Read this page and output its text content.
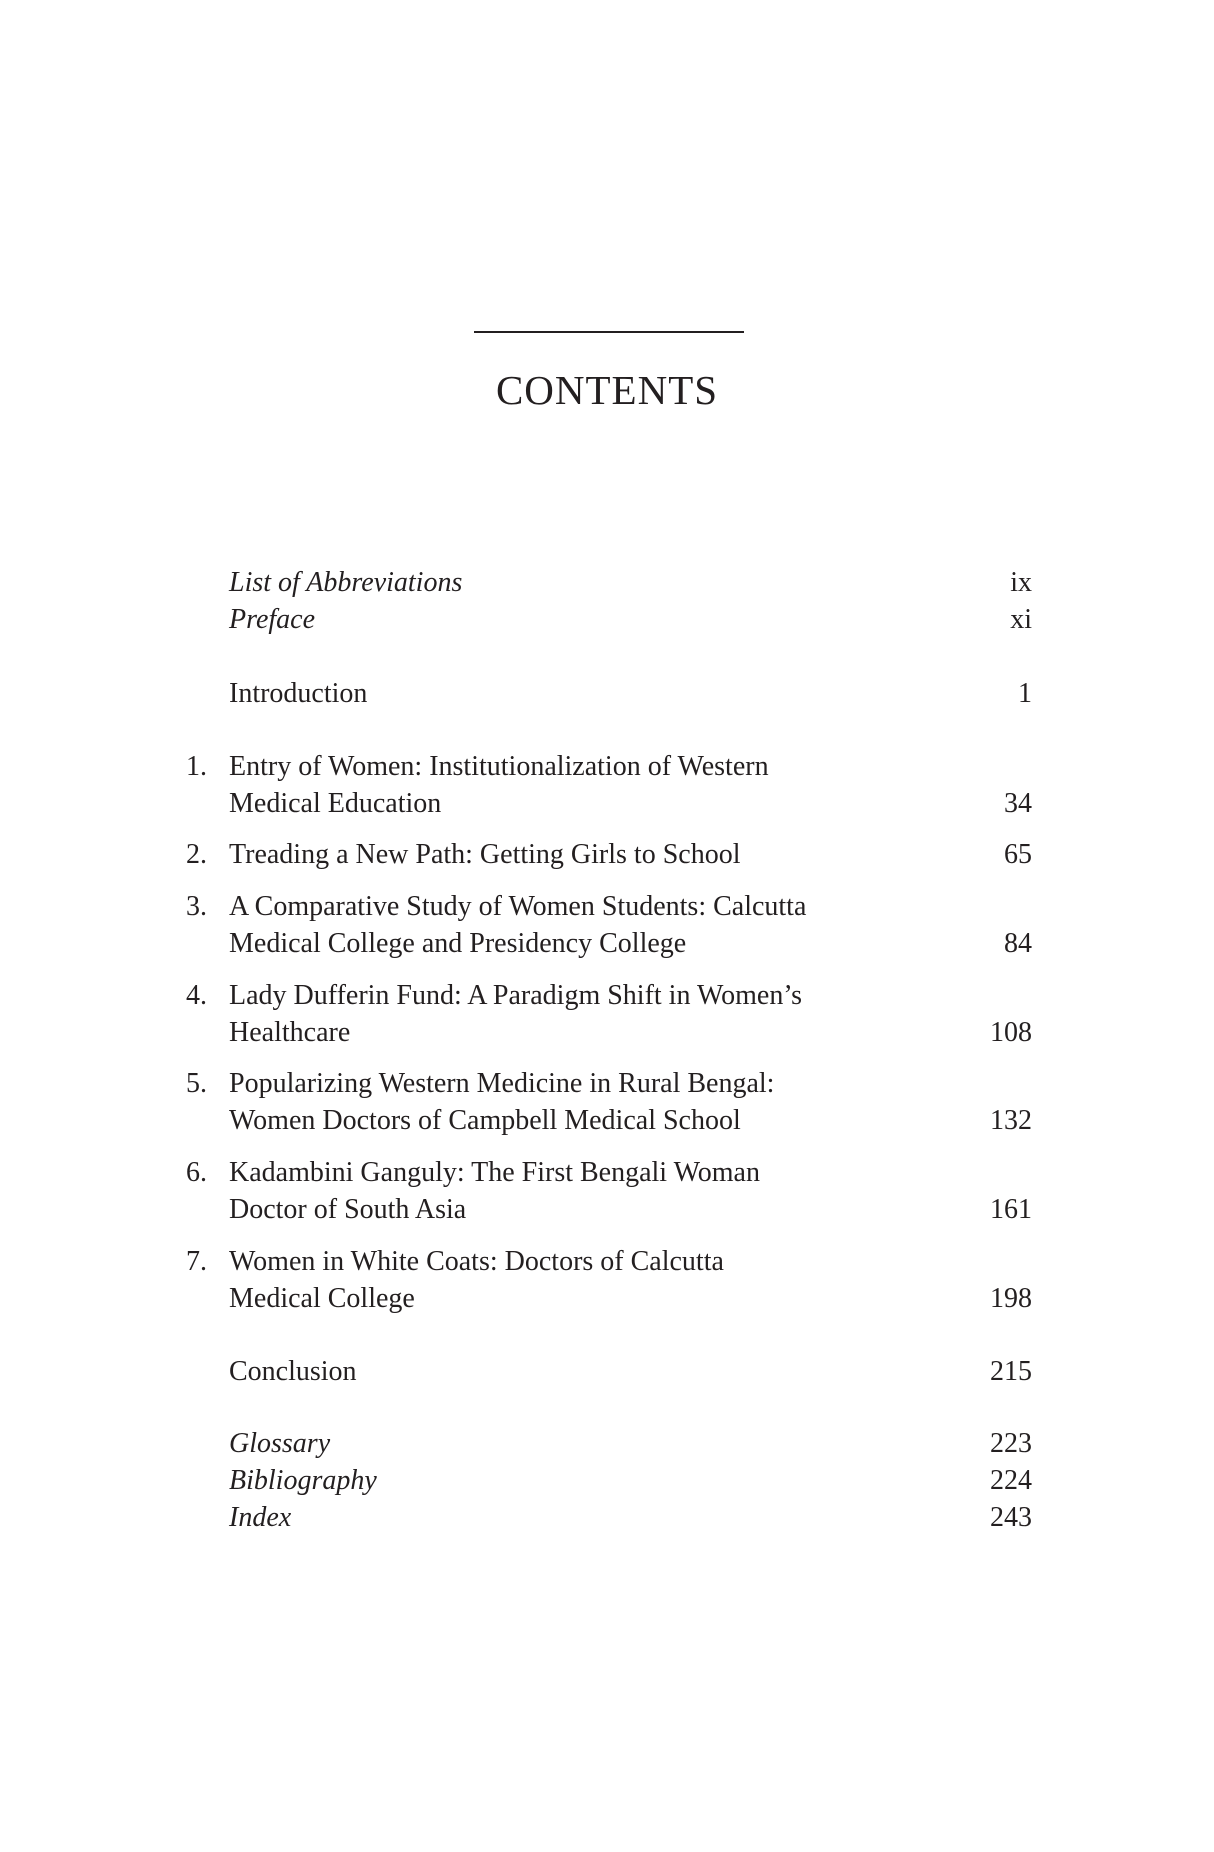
CONTENTS
List of Abbreviations	ix
Preface	xi
Introduction	1
1. Entry of Women: Institutionalization of Western
Medical Education	34
2. Treading a New Path: Getting Girls to School	65
3. A Comparative Study of Women Students: Calcutta
Medical College and Presidency College	84
4. Lady Dufferin Fund: A Paradigm Shift in Women’s
Healthcare	108
5. Popularizing Western Medicine in Rural Bengal:
Women Doctors of Campbell Medical School	132
6. Kadambini Ganguly: The First Bengali Woman
Doctor of South Asia	161
7. Women in White Coats: Doctors of Calcutta
Medical College	198
Conclusion	215
Glossary	223
Bibliography	224
Index	243
